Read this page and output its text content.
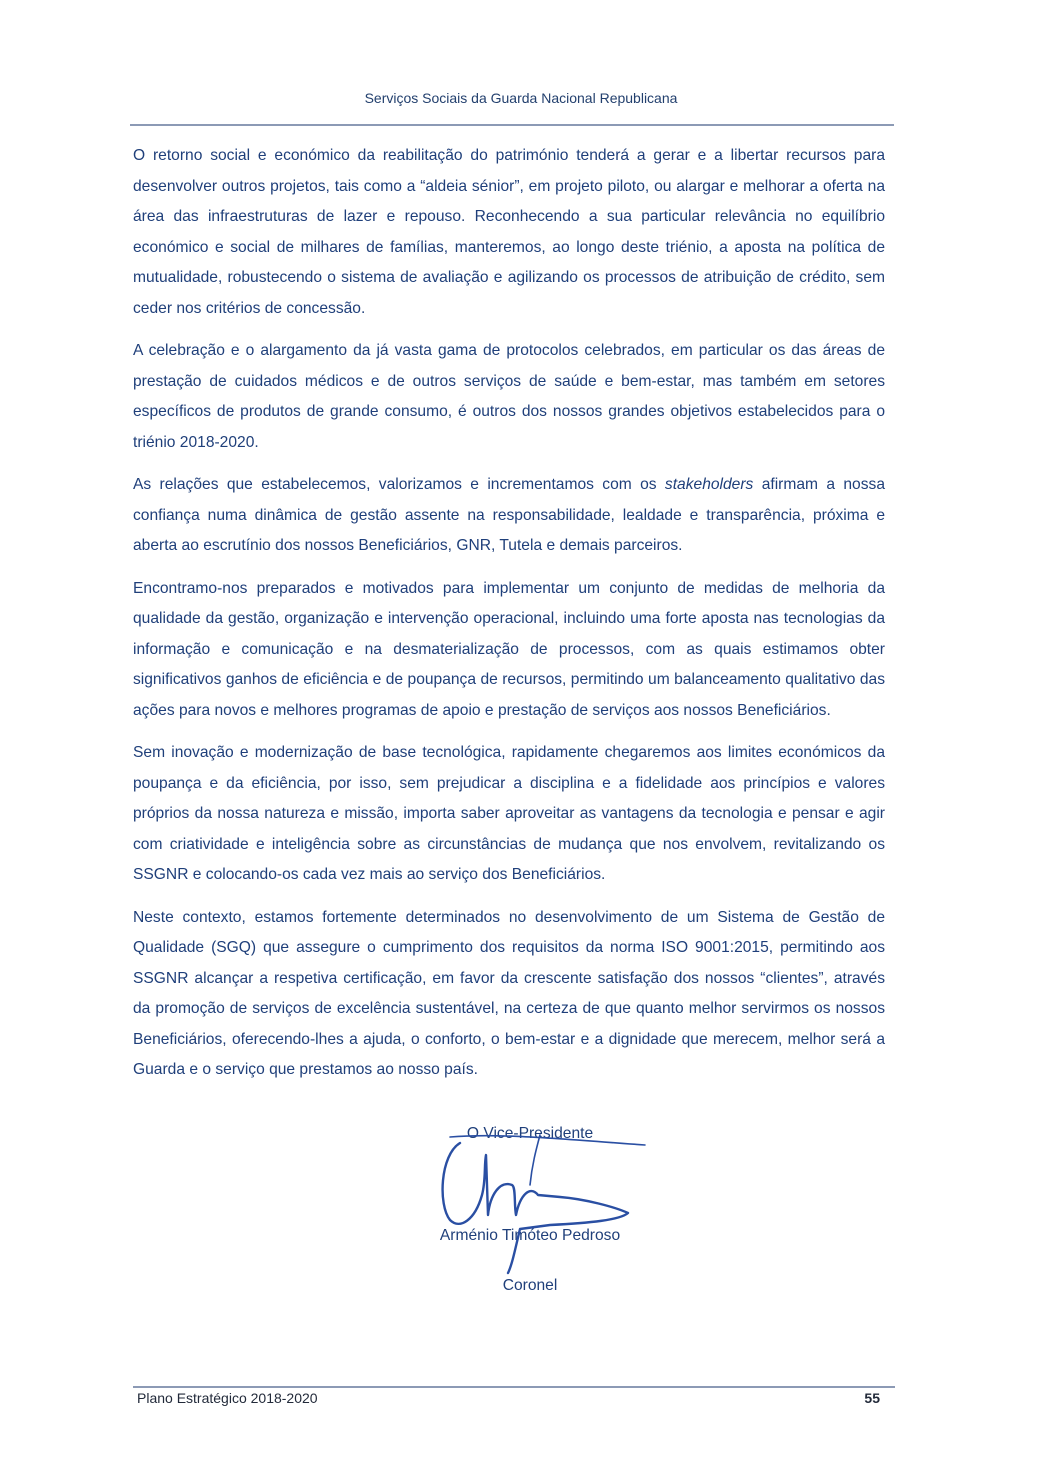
Serviços Sociais da Guarda Nacional Republicana

O retorno social e económico da reabilitação do património tenderá a gerar e a libertar recursos para desenvolver outros projetos, tais como a “aldeia sénior”, em projeto piloto, ou alargar e melhorar a oferta na área das infraestruturas de lazer e repouso. Reconhecendo a sua particular relevância no equilíbrio económico e social de milhares de famílias, manteremos, ao longo deste triénio, a aposta na política de mutualidade, robustecendo o sistema de avaliação e agilizando os processos de atribuição de crédito, sem ceder nos critérios de concessão.

A celebração e o alargamento da já vasta gama de protocolos celebrados, em particular os das áreas de prestação de cuidados médicos e de outros serviços de saúde e bem-estar, mas também em setores específicos de produtos de grande consumo, é outros dos nossos grandes objetivos estabelecidos para o triénio 2018-2020.

As relações que estabelecemos, valorizamos e incrementamos com os stakeholders afirmam a nossa confiança numa dinâmica de gestão assente na responsabilidade, lealdade e transparência, próxima e aberta ao escrutínio dos nossos Beneficiários, GNR, Tutela e demais parceiros.

Encontramo-nos preparados e motivados para implementar um conjunto de medidas de melhoria da qualidade da gestão, organização e intervenção operacional, incluindo uma forte aposta nas tecnologias da informação e comunicação e na desmaterialização de processos, com as quais estimamos obter significativos ganhos de eficiência e de poupança de recursos, permitindo um balanceamento qualitativo das ações para novos e melhores programas de apoio e prestação de serviços aos nossos Beneficiários.

Sem inovação e modernização de base tecnológica, rapidamente chegaremos aos limites económicos da poupança e da eficiência, por isso, sem prejudicar a disciplina e a fidelidade aos princípios e valores próprios da nossa natureza e missão, importa saber aproveitar as vantagens da tecnologia e pensar e agir com criatividade e inteligência sobre as circunstâncias de mudança que nos envolvem, revitalizando os SSGNR e colocando-os cada vez mais ao serviço dos Beneficiários.

Neste contexto, estamos fortemente determinados no desenvolvimento de um Sistema de Gestão de Qualidade (SGQ) que assegure o cumprimento dos requisitos da norma ISO 9001:2015, permitindo aos SSGNR alcançar a respetiva certificação, em favor da crescente satisfação dos nossos “clientes”, através da promoção de serviços de excelência sustentável, na certeza de que quanto melhor servirmos os nossos Beneficiários, oferecendo-lhes a ajuda, o conforto, o bem-estar e a dignidade que merecem, melhor será a Guarda e o serviço que prestamos ao nosso país.

O Vice-Presidente
Arménio Timóteo Pedroso
Coronel
Plano Estratégico 2018-2020	55
